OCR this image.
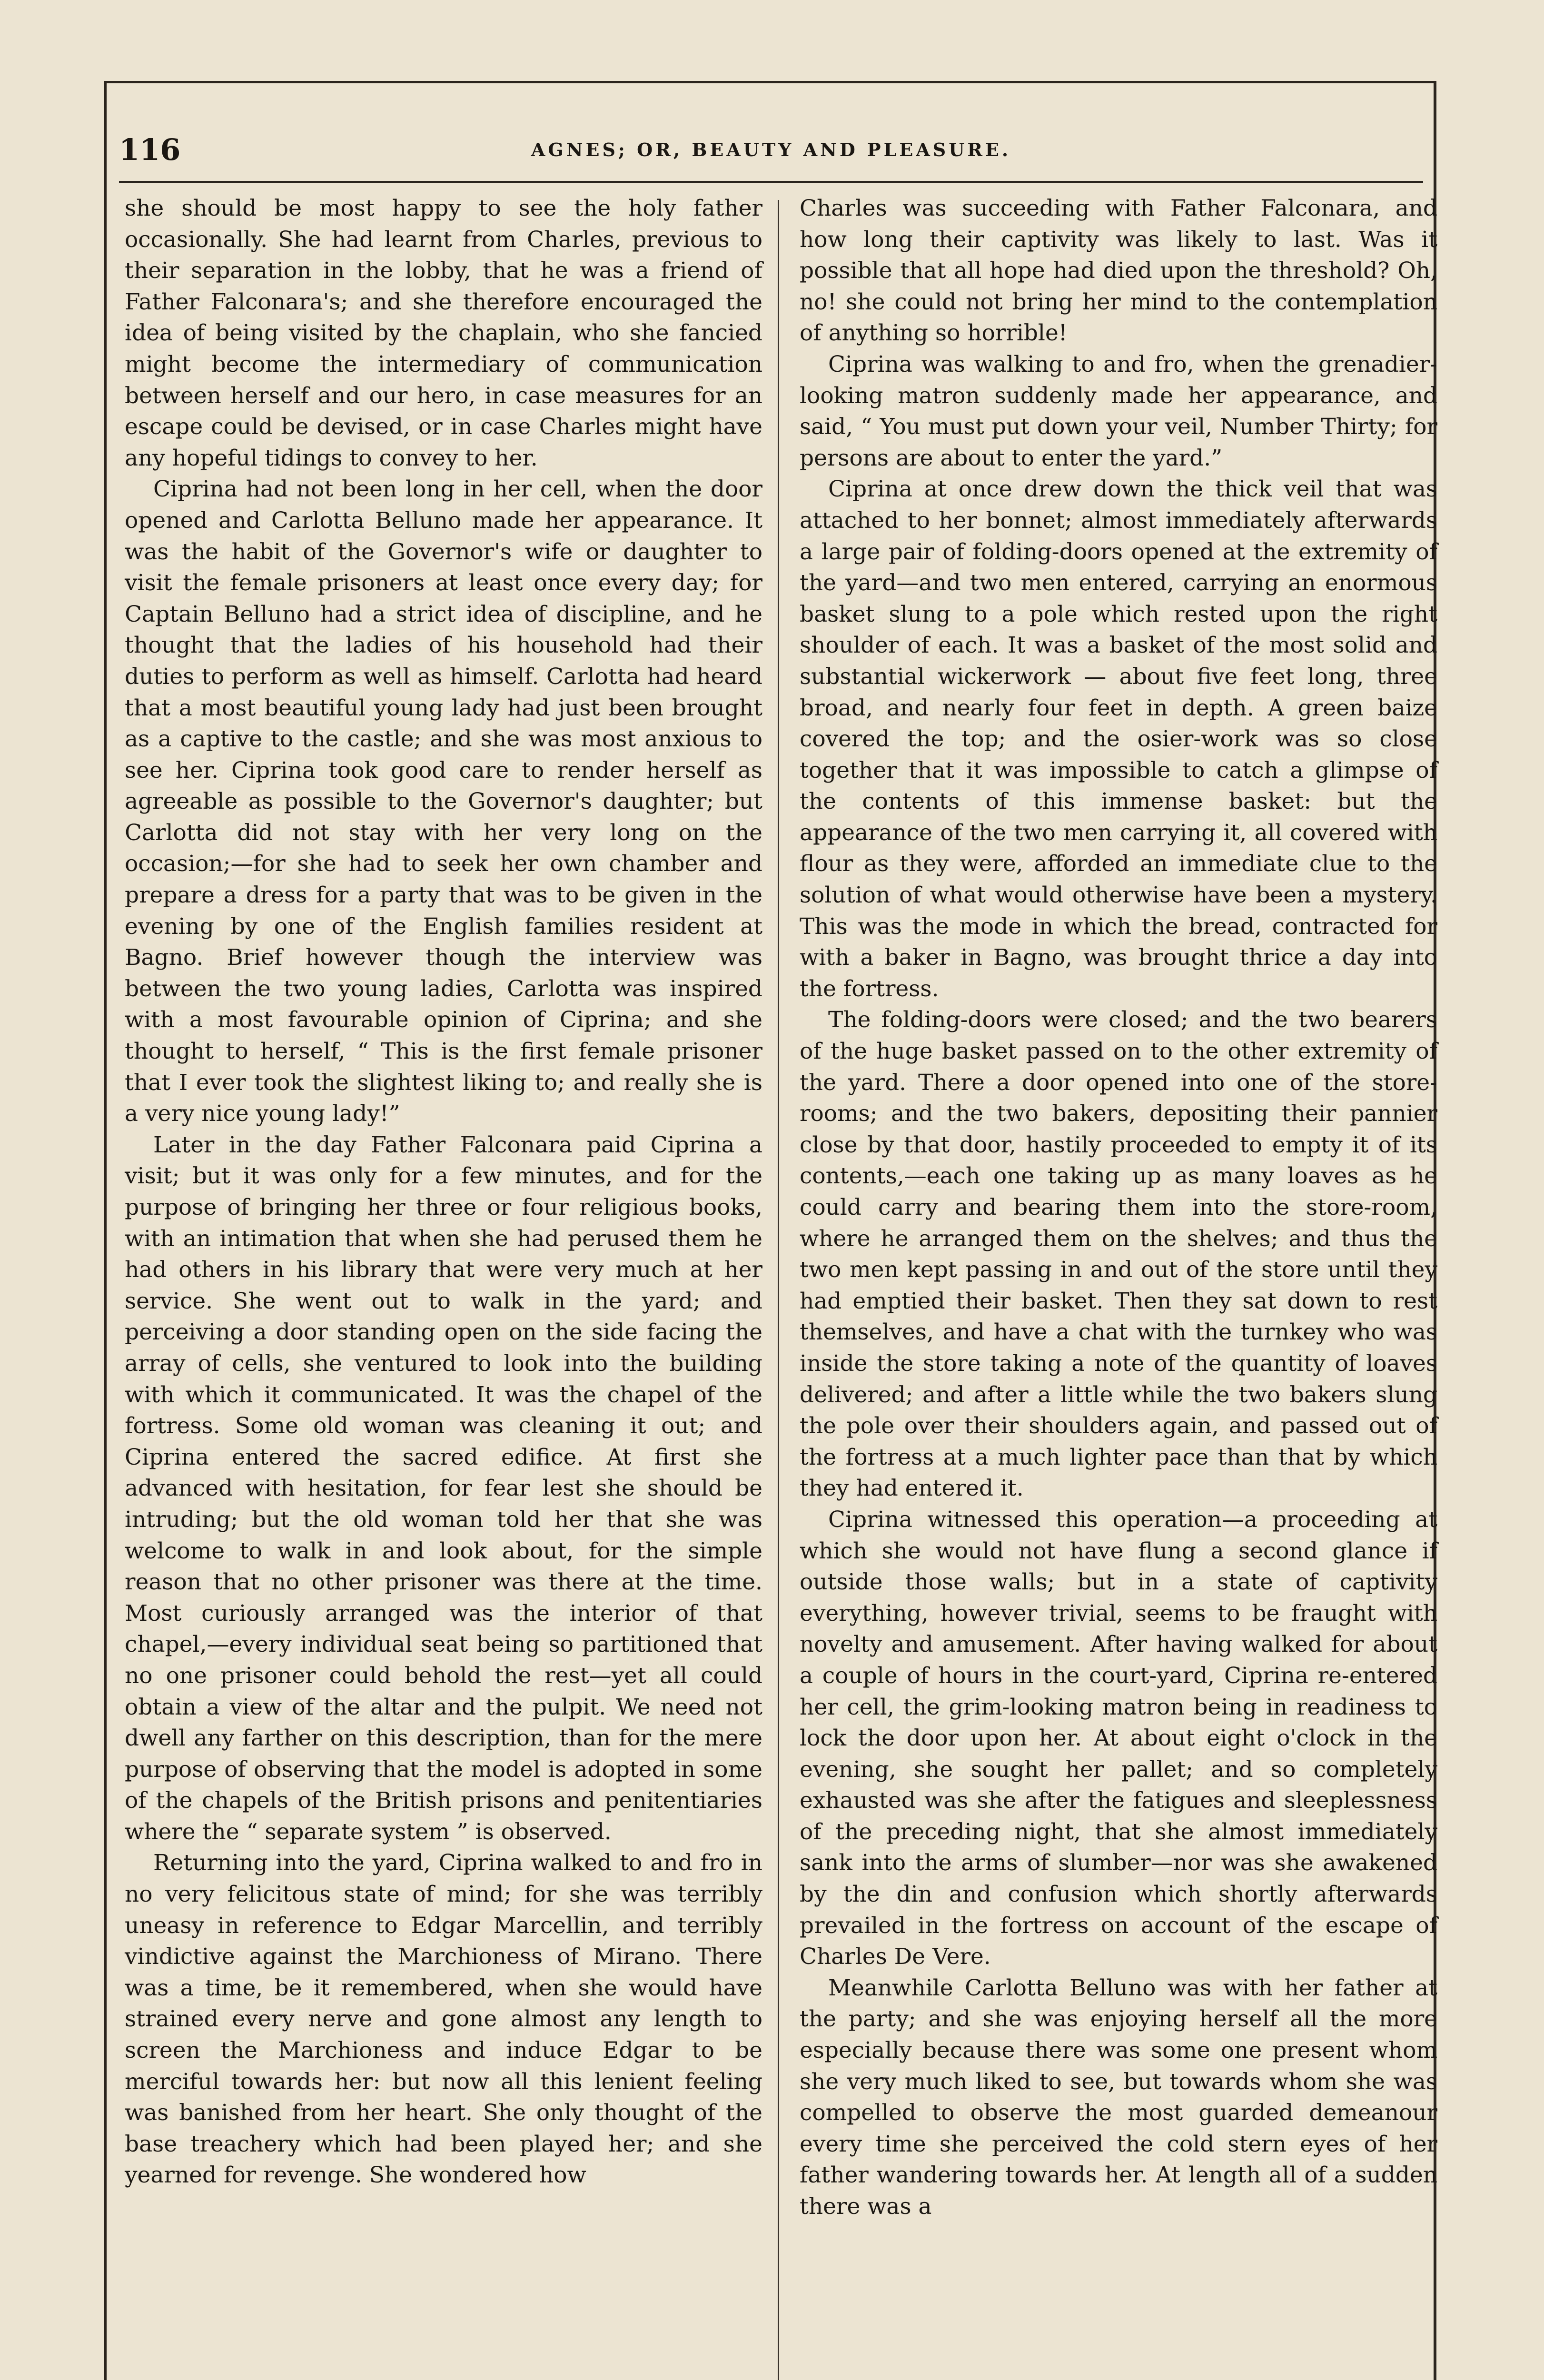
116	AGNES; OR, BEAUTY AND PLEASURE.

she should be most happy to see the holy father occasionally. She had learnt from Charles, previous to their separation in the lobby, that he was a friend of Father Falconara's; and she therefore encouraged the idea of being visited by the chaplain, who she fancied might become the intermediary of communication between herself and our hero, in case measures for an escape could be devised, or in case Charles might have any hopeful tidings to convey to her.

Ciprina had not been long in her cell, when the door opened and Carlotta Belluno made her appearance. It was the habit of the Governor's wife or daughter to visit the female prisoners at least once every day; for Captain Belluno had a strict idea of discipline, and he thought that the ladies of his household had their duties to perform as well as himself. Carlotta had heard that a most beautiful young lady had just been brought as a captive to the castle; and she was most anxious to see her. Ciprina took good care to render herself as agreeable as possible to the Governor's daughter; but Carlotta did not stay with her very long on the occasion;—for she had to seek her own chamber and prepare a dress for a party that was to be given in the evening by one of the English families resident at Bagno. Brief however though the interview was between the two young ladies, Carlotta was inspired with a most favourable opinion of Ciprina; and she thought to herself, “ This is the first female prisoner that I ever took the slightest liking to; and really she is a very nice young lady!”

Later in the day Father Falconara paid Ciprina a visit; but it was only for a few minutes, and for the purpose of bringing her three or four religious books, with an intimation that when she had perused them he had others in his library that were very much at her service. She went out to walk in the yard; and perceiving a door standing open on the side facing the array of cells, she ventured to look into the building with which it communicated. It was the chapel of the fortress. Some old woman was cleaning it out; and Ciprina entered the sacred edifice. At first she advanced with hesitation, for fear lest she should be intruding; but the old woman told her that she was welcome to walk in and look about, for the simple reason that no other prisoner was there at the time. Most curiously arranged was the interior of that chapel,—every individual seat being so partitioned that no one prisoner could behold the rest—yet all could obtain a view of the altar and the pulpit. We need not dwell any farther on this description, than for the mere purpose of observing that the model is adopted in some of the chapels of the British prisons and penitentiaries where the “ separate system ” is observed.

Returning into the yard, Ciprina walked to and fro in no very felicitous state of mind; for she was terribly uneasy in reference to Edgar Marcellin, and terribly vindictive against the Marchioness of Mirano. There was a time, be it remembered, when she would have strained every nerve and gone almost any length to screen the Marchioness and induce Edgar to be merciful towards her: but now all this lenient feeling was banished from her heart. She only thought of the base treachery which had been played her; and she yearned for revenge. She wondered how

Charles was succeeding with Father Falconara, and how long their captivity was likely to last. Was it possible that all hope had died upon the threshold? Oh, no! she could not bring her mind to the contemplation of anything so horrible!

Ciprina was walking to and fro, when the grenadier-looking matron suddenly made her appearance, and said, “ You must put down your veil, Number Thirty; for persons are about to enter the yard.”

Ciprina at once drew down the thick veil that was attached to her bonnet; almost immediately afterwards a large pair of folding-doors opened at the extremity of the yard—and two men entered, carrying an enormous basket slung to a pole which rested upon the right shoulder of each. It was a basket of the most solid and substantial wickerwork — about five feet long, three broad, and nearly four feet in depth. A green baize covered the top; and the osier-work was so close together that it was impossible to catch a glimpse of the contents of this immense basket: but the appearance of the two men carrying it, all covered with flour as they were, afforded an immediate clue to the solution of what would otherwise have been a mystery. This was the mode in which the bread, contracted for with a baker in Bagno, was brought thrice a day into the fortress.

The folding-doors were closed; and the two bearers of the huge basket passed on to the other extremity of the yard. There a door opened into one of the store-rooms; and the two bakers, depositing their pannier close by that door, hastily proceeded to empty it of its contents,—each one taking up as many loaves as he could carry and bearing them into the store-room, where he arranged them on the shelves; and thus the two men kept passing in and out of the store until they had emptied their basket. Then they sat down to rest themselves, and have a chat with the turnkey who was inside the store taking a note of the quantity of loaves delivered; and after a little while the two bakers slung the pole over their shoulders again, and passed out of the fortress at a much lighter pace than that by which they had entered it.

Ciprina witnessed this operation—a proceeding at which she would not have flung a second glance if outside those walls; but in a state of captivity everything, however trivial, seems to be fraught with novelty and amusement. After having walked for about a couple of hours in the court-yard, Ciprina re-entered her cell, the grim-looking matron being in readiness to lock the door upon her. At about eight o'clock in the evening, she sought her pallet; and so completely exhausted was she after the fatigues and sleeplessness of the preceding night, that she almost immediately sank into the arms of slumber—nor was she awakened by the din and confusion which shortly afterwards prevailed in the fortress on account of the escape of Charles De Vere.

Meanwhile Carlotta Belluno was with her father at the party; and she was enjoying herself all the more especially because there was some one present whom she very much liked to see, but towards whom she was compelled to observe the most guarded demeanour every time she perceived the cold stern eyes of her father wandering towards her. At length all of a sudden there was a
